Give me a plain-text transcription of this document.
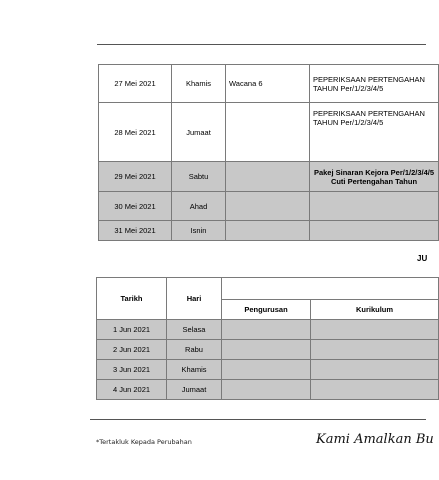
27 Mei 2021	Khamis	Wacana 6	PEPERIKSAAN PERTENGAHAN TAHUN Per/1/2/3/4/5
28 Mei 2021	Jumaat		PEPERIKSAAN PERTENGAHAN TAHUN Per/1/2/3/4/5
29 Mei 2021	Sabtu		Pakej Sinaran Kejora Per/1/2/3/4/5 Cuti Pertengahan Tahun
30 Mei 2021	Ahad		
31 Mei 2021	Isnin		
JU
Tarikh	Hari		
		Pengurusan	Kurikulum
1 Jun 2021	Selasa		
2 Jun 2021	Rabu		
3 Jun 2021	Khamis		
4 Jun 2021	Jumaat		
*Tertakluk Kepada Perubahan	Kami Amalkan Bu
